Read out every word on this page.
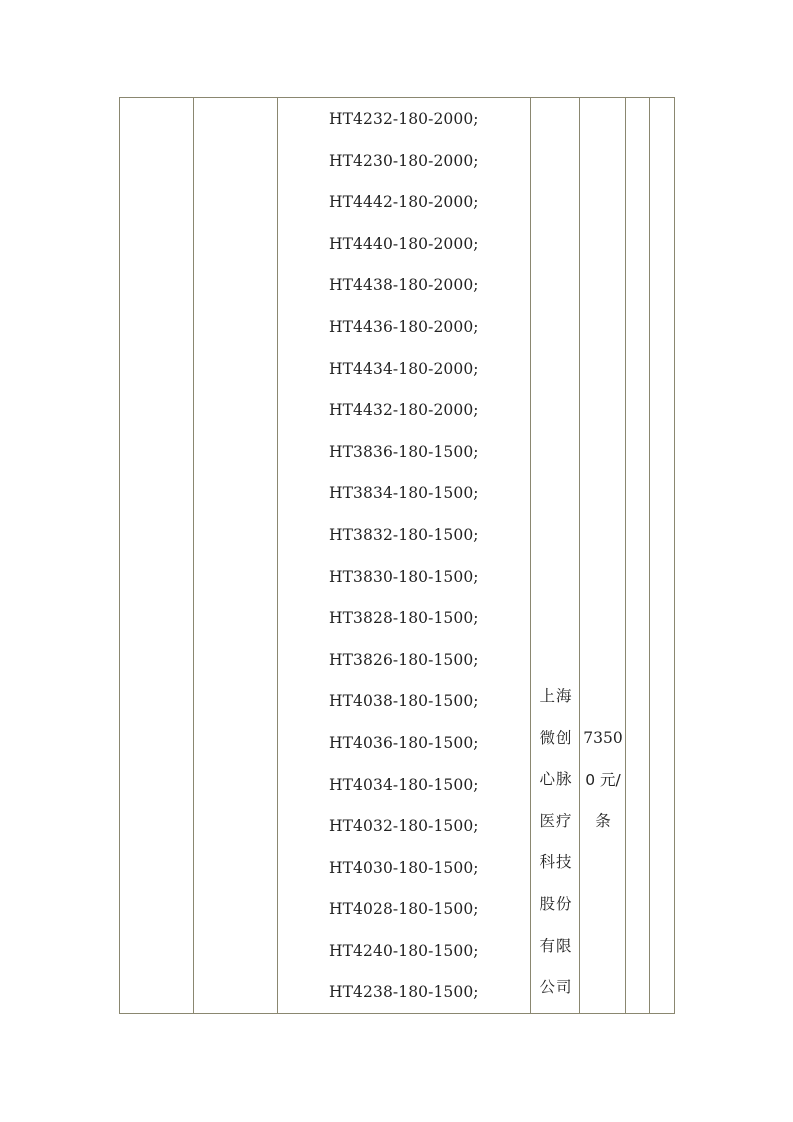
HT4232-180-2000;
HT4230-180-2000;
HT4442-180-2000;
HT4440-180-2000;
HT4438-180-2000;
HT4436-180-2000;
HT4434-180-2000;
HT4432-180-2000;
HT3836-180-1500;
HT3834-180-1500;
HT3832-180-1500;
HT3830-180-1500;
HT3828-180-1500;
HT3826-180-1500;
HT4038-180-1500;
HT4036-180-1500;
HT4034-180-1500;
HT4032-180-1500;
HT4030-180-1500;
HT4028-180-1500;
HT4240-180-1500;
HT4238-180-1500;
上海
微创
心脉
医疗
科技
股份
有限
公司
7350
0 元/
条
